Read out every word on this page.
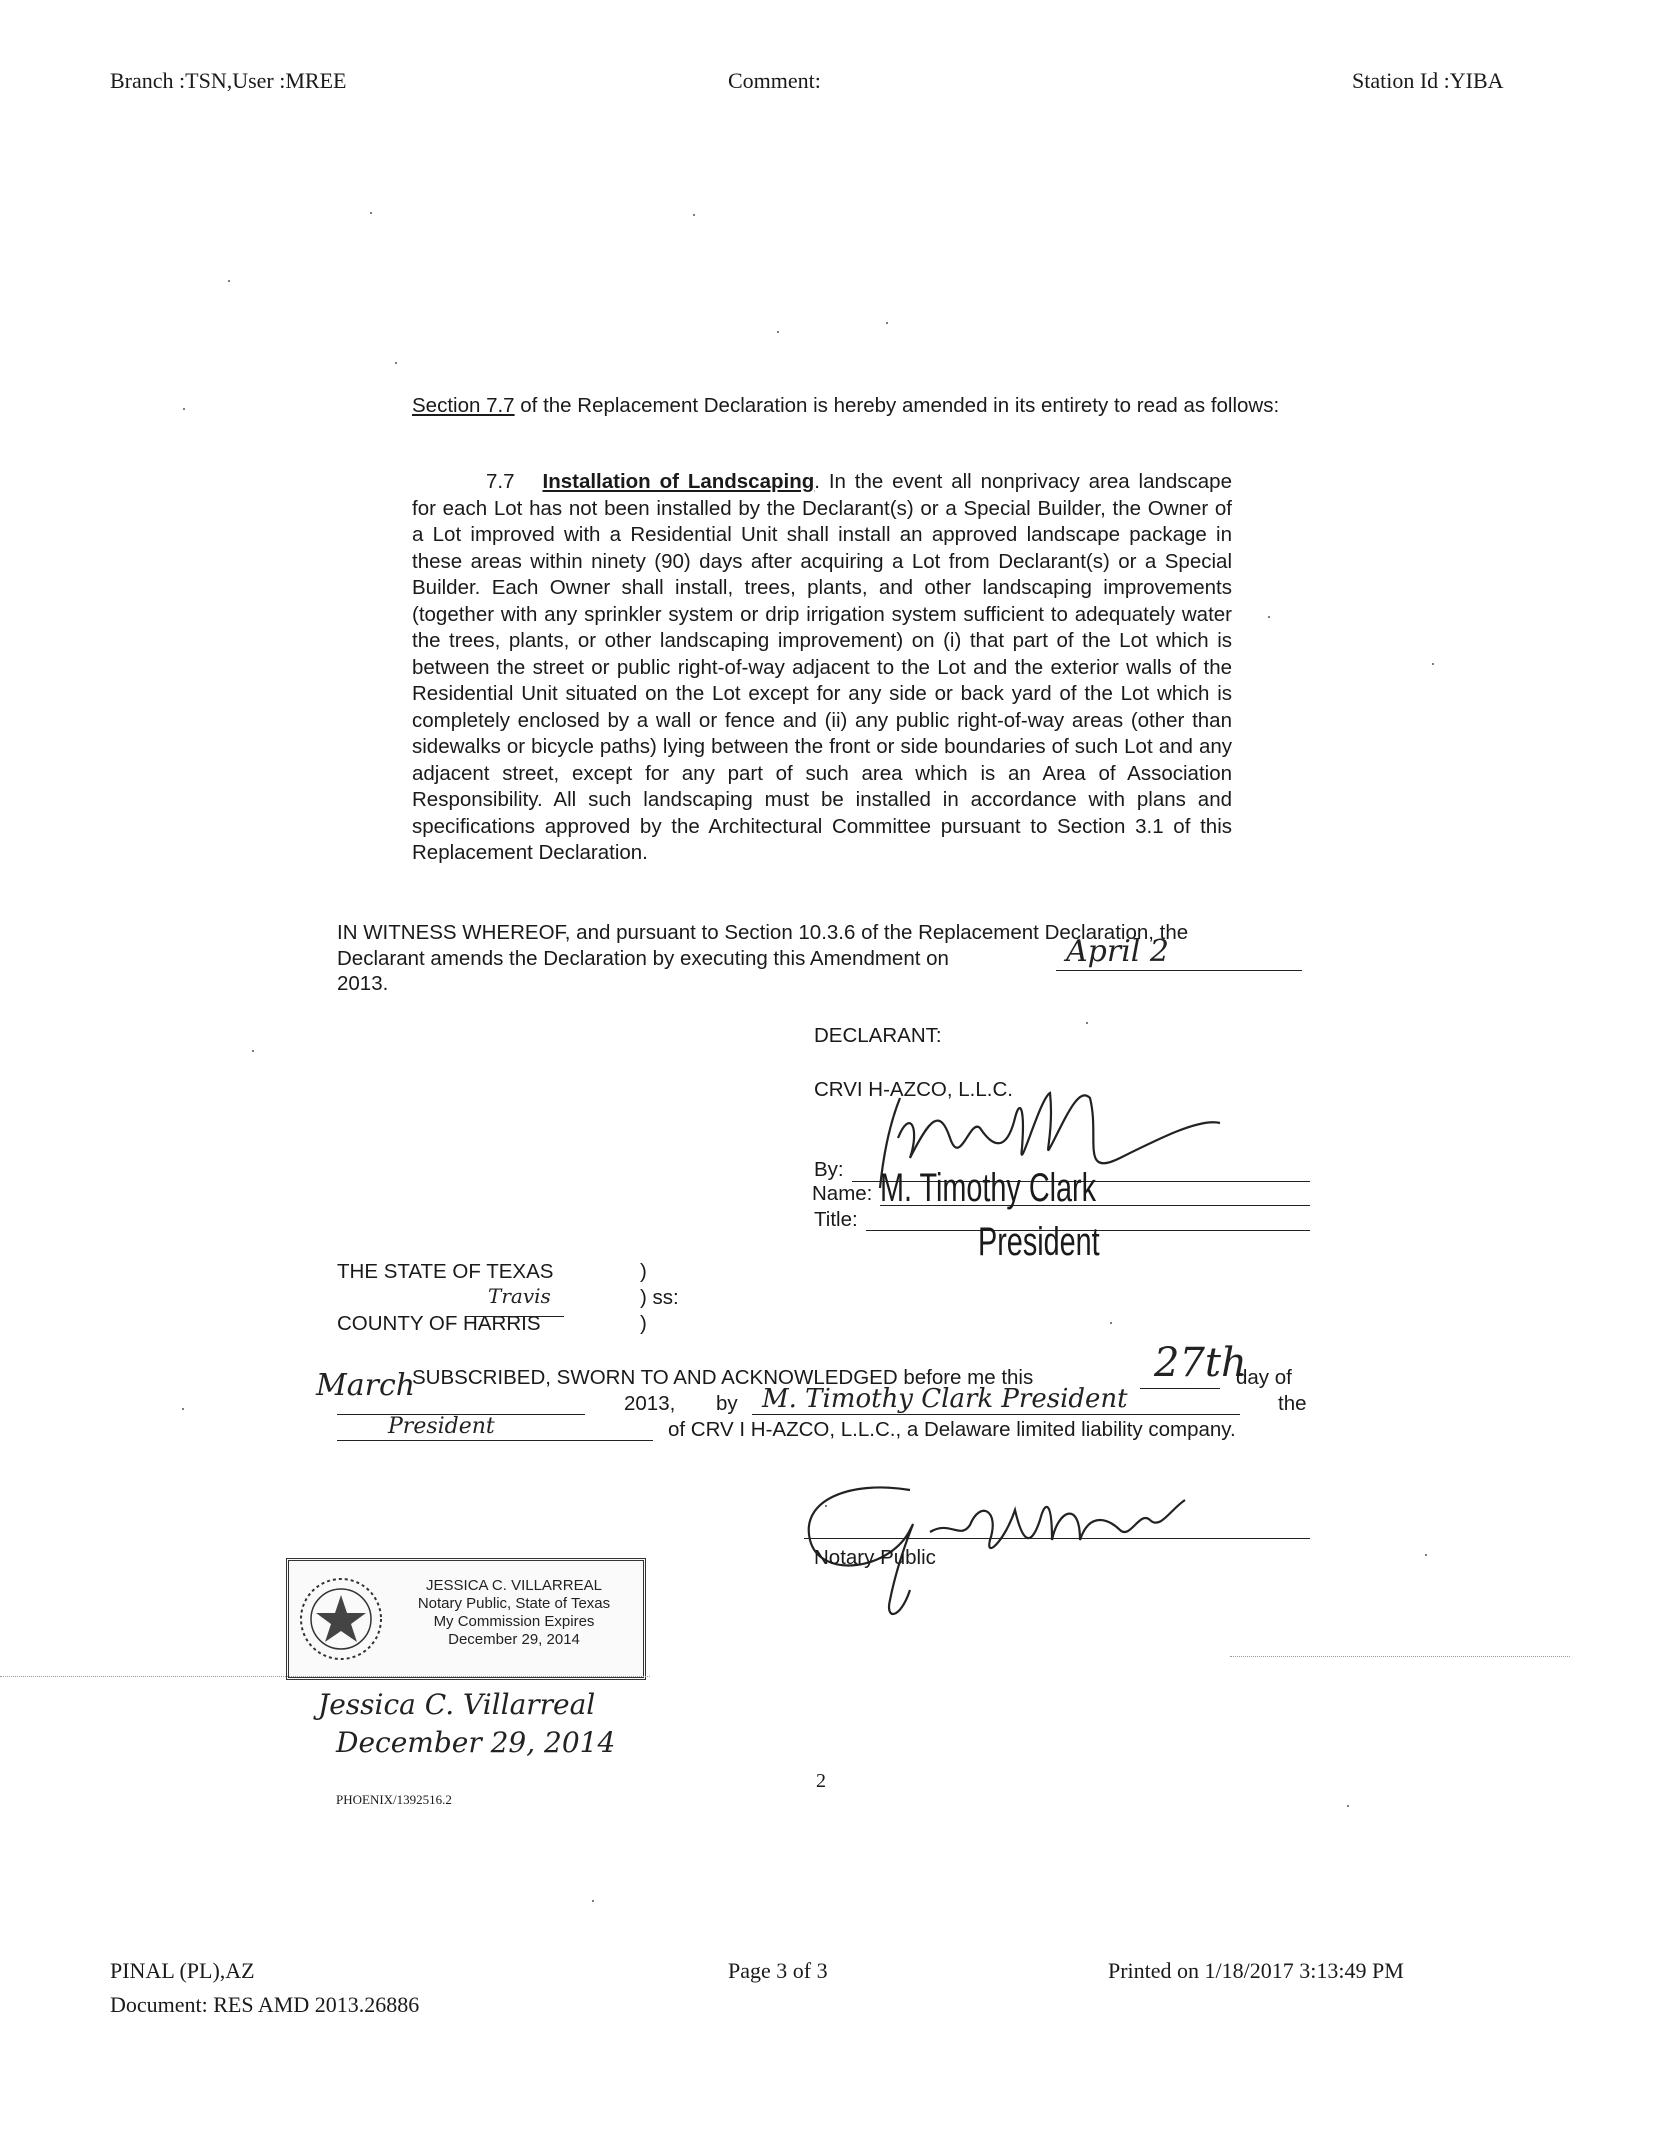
Branch :TSN,User :MREE	Comment:	Station Id :YIBA
Section 7.7 of the Replacement Declaration is hereby amended in its entirety to read as follows:
7.7 Installation of Landscaping. In the event all nonprivacy area landscape for each Lot has not been installed by the Declarant(s) or a Special Builder, the Owner of a Lot improved with a Residential Unit shall install an approved landscape package in these areas within ninety (90) days after acquiring a Lot from Declarant(s) or a Special Builder. Each Owner shall install, trees, plants, and other landscaping improvements (together with any sprinkler system or drip irrigation system sufficient to adequately water the trees, plants, or other landscaping improvement) on (i) that part of the Lot which is between the street or public right-of-way adjacent to the Lot and the exterior walls of the Residential Unit situated on the Lot except for any side or back yard of the Lot which is completely enclosed by a wall or fence and (ii) any public right-of-way areas (other than sidewalks or bicycle paths) lying between the front or side boundaries of such Lot and any adjacent street, except for any part of such area which is an Area of Association Responsibility. All such landscaping must be installed in accordance with plans and specifications approved by the Architectural Committee pursuant to Section 3.1 of this Replacement Declaration.
IN WITNESS WHEREOF, and pursuant to Section 10.3.6 of the Replacement Declaration, the
Declarant amends the Declaration by executing this Amendment on	April 2
2013.
DECLARANT:
CRVI H-AZCO, L.L.C.
By:
Name: M. Timothy Clark
Title:
President
THE STATE OF TEXAS	)
Travis	) ss:
COUNTY OF HARRIS	)
March
SUBSCRIBED, SWORN TO AND ACKNOWLEDGED before me this	27th
day of
2013, by M. Timothy Clark President	the
President	of CRV I H-AZCO, L.L.C., a Delaware limited liability company.
Notary Public
JESSICA C. VILLARREAL
Notary Public, State of Texas
My Commission Expires
December 29, 2014
Jessica C. Villarreal
December 29, 2014
2
PHOENIX/1392516.2
PINAL (PL),AZ
Document: RES AMD 2013.26886
Page 3 of 3	Printed on 1/18/2017 3:13:49 PM
